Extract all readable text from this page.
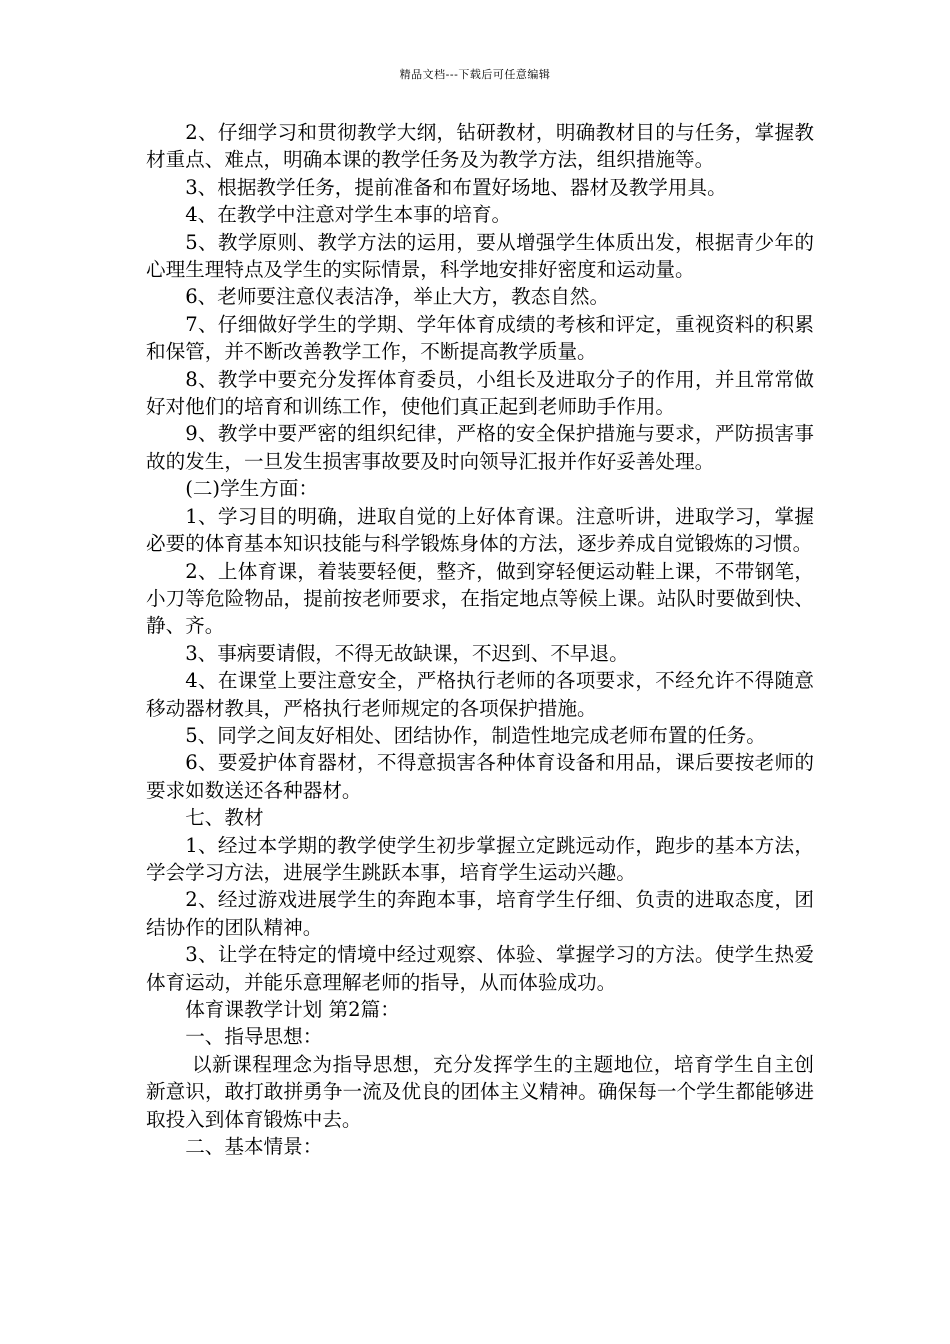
精品文档---下载后可任意编辑

2、仔细学习和贯彻教学大纲，钻研教材，明确教材目的与任务，掌握教材重点、难点，明确本课的教学任务及为教学方法，组织措施等。

3、根据教学任务，提前准备和布置好场地、器材及教学用具。

4、在教学中注意对学生本事的培育。

5、教学原则、教学方法的运用，要从增强学生体质出发，根据青少年的心理生理特点及学生的实际情景，科学地安排好密度和运动量。

6、老师要注意仪表洁净，举止大方，教态自然。

7、仔细做好学生的学期、学年体育成绩的考核和评定，重视资料的积累和保管，并不断改善教学工作，不断提高教学质量。

8、教学中要充分发挥体育委员，小组长及进取分子的作用，并且常常做好对他们的培育和训练工作，使他们真正起到老师助手作用。

9、教学中要严密的组织纪律，严格的安全保护措施与要求，严防损害事故的发生，一旦发生损害事故要及时向领导汇报并作好妥善处理。

(二)学生方面：

1、学习目的明确，进取自觉的上好体育课。注意听讲，进取学习，掌握必要的体育基本知识技能与科学锻炼身体的方法，逐步养成自觉锻炼的习惯。

2、上体育课，着装要轻便，整齐，做到穿轻便运动鞋上课，不带钢笔，小刀等危险物品，提前按老师要求，在指定地点等候上课。站队时要做到快、静、齐。

3、事病要请假，不得无故缺课，不迟到、不早退。

4、在课堂上要注意安全，严格执行老师的各项要求，不经允许不得随意移动器材教具，严格执行老师规定的各项保护措施。

5、同学之间友好相处、团结协作，制造性地完成老师布置的任务。

6、要爱护体育器材，不得意损害各种体育设备和用品，课后要按老师的要求如数送还各种器材。

七、教材

1、经过本学期的教学使学生初步掌握立定跳远动作，跑步的基本方法，学会学习方法，进展学生跳跃本事，培育学生运动兴趣。

2、经过游戏进展学生的奔跑本事，培育学生仔细、负责的进取态度，团结协作的团队精神。

3、让学在特定的情境中经过观察、体验、掌握学习的方法。使学生热爱体育运动，并能乐意理解老师的指导，从而体验成功。

体育课教学计划 第2篇：

一、指导思想：

以新课程理念为指导思想，充分发挥学生的主题地位，培育学生自主创新意识，敢打敢拼勇争一流及优良的团体主义精神。确保每一个学生都能够进取投入到体育锻炼中去。

二、基本情景：
